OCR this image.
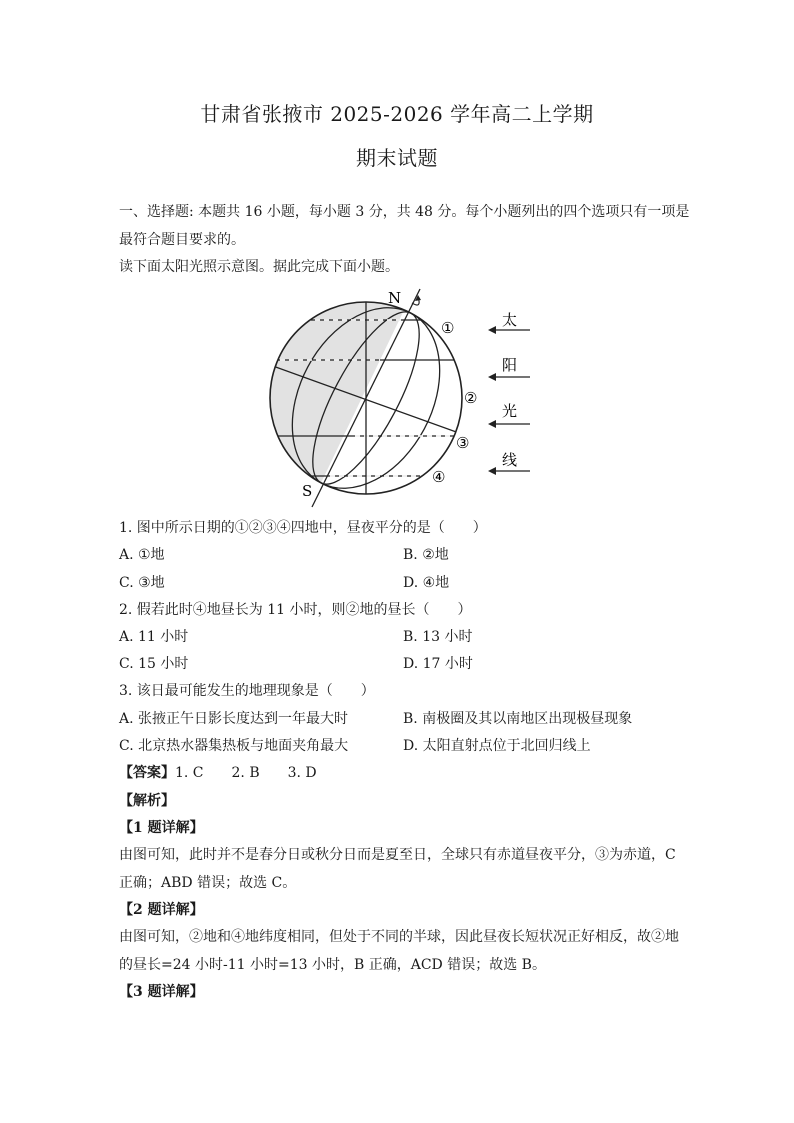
甘肃省张掖市 2025-2026 学年高二上学期
期末试题
一、选择题: 本题共 16 小题，每小题 3 分，共 48 分。每个小题列出的四个选项只有一项是
最符合题目要求的。
读下面太阳光照示意图。据此完成下面小题。
N
S
①
②
③
④
太
阳
光
线
1. 图中所示日期的①②③④四地中，昼夜平分的是（　　）
A. ①地	B. ②地
C. ③地	D. ④地
2. 假若此时④地昼长为 11 小时，则②地的昼长（　　）
A. 11 小时	B. 13 小时
C. 15 小时	D. 17 小时
3. 该日最可能发生的地理现象是（　　）
A. 张掖正午日影长度达到一年最大时	B. 南极圈及其以南地区出现极昼现象
C. 北京热水器集热板与地面夹角最大	D. 太阳直射点位于北回归线上
【答案】1. C　　2. B　　3. D
【解析】
【1 题详解】
由图可知，此时并不是春分日或秋分日而是夏至日，全球只有赤道昼夜平分，③为赤道，C
正确；ABD 错误；故选 C。
【2 题详解】
由图可知，②地和④地纬度相同，但处于不同的半球，因此昼夜长短状况正好相反，故②地
的昼长=24 小时-11 小时=13 小时，B 正确，ACD 错误；故选 B。
【3 题详解】
